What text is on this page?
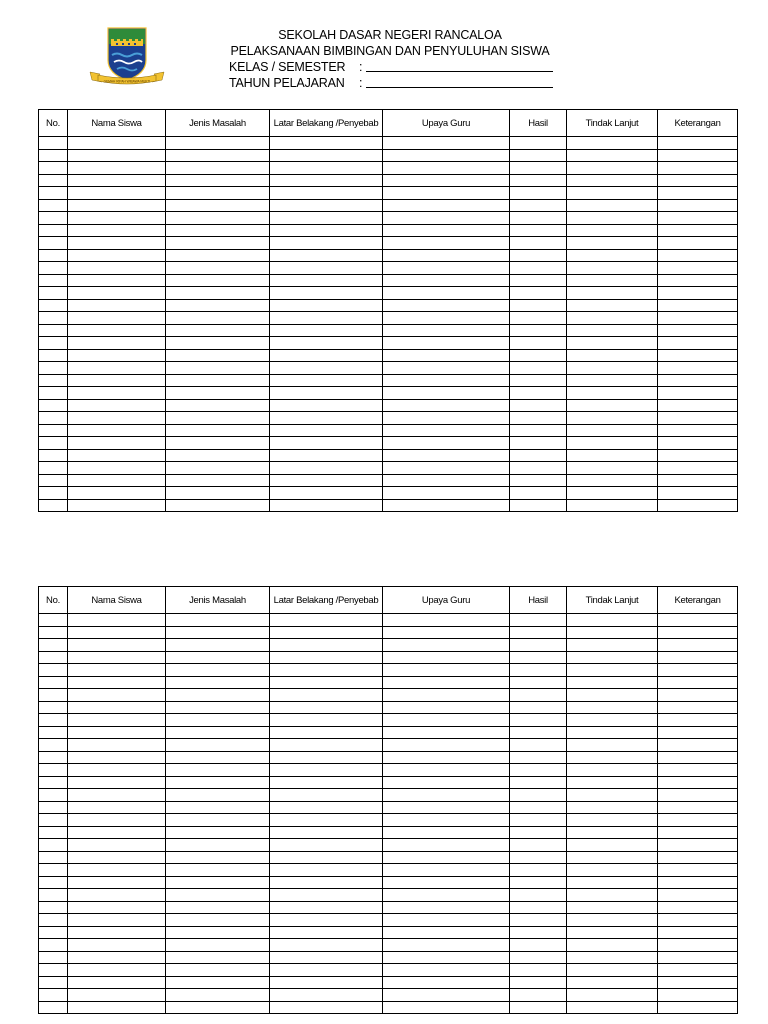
GEMAH RIPAH WIBAWA MUKTI
SEKOLAH DASAR NEGERI RANCALOA
PELAKSANAAN BIMBINGAN DAN PENYULUHAN SISWA
KELAS / SEMESTER :
TAHUN PELAJARAN :
No.	Nama Siswa	Jenis Masalah	Latar Belakang /Penyebab	Upaya Guru	Hasil	Tindak Lanjut	Keterangan

No.	Nama Siswa	Jenis Masalah	Latar Belakang /Penyebab	Upaya Guru	Hasil	Tindak Lanjut	Keterangan
